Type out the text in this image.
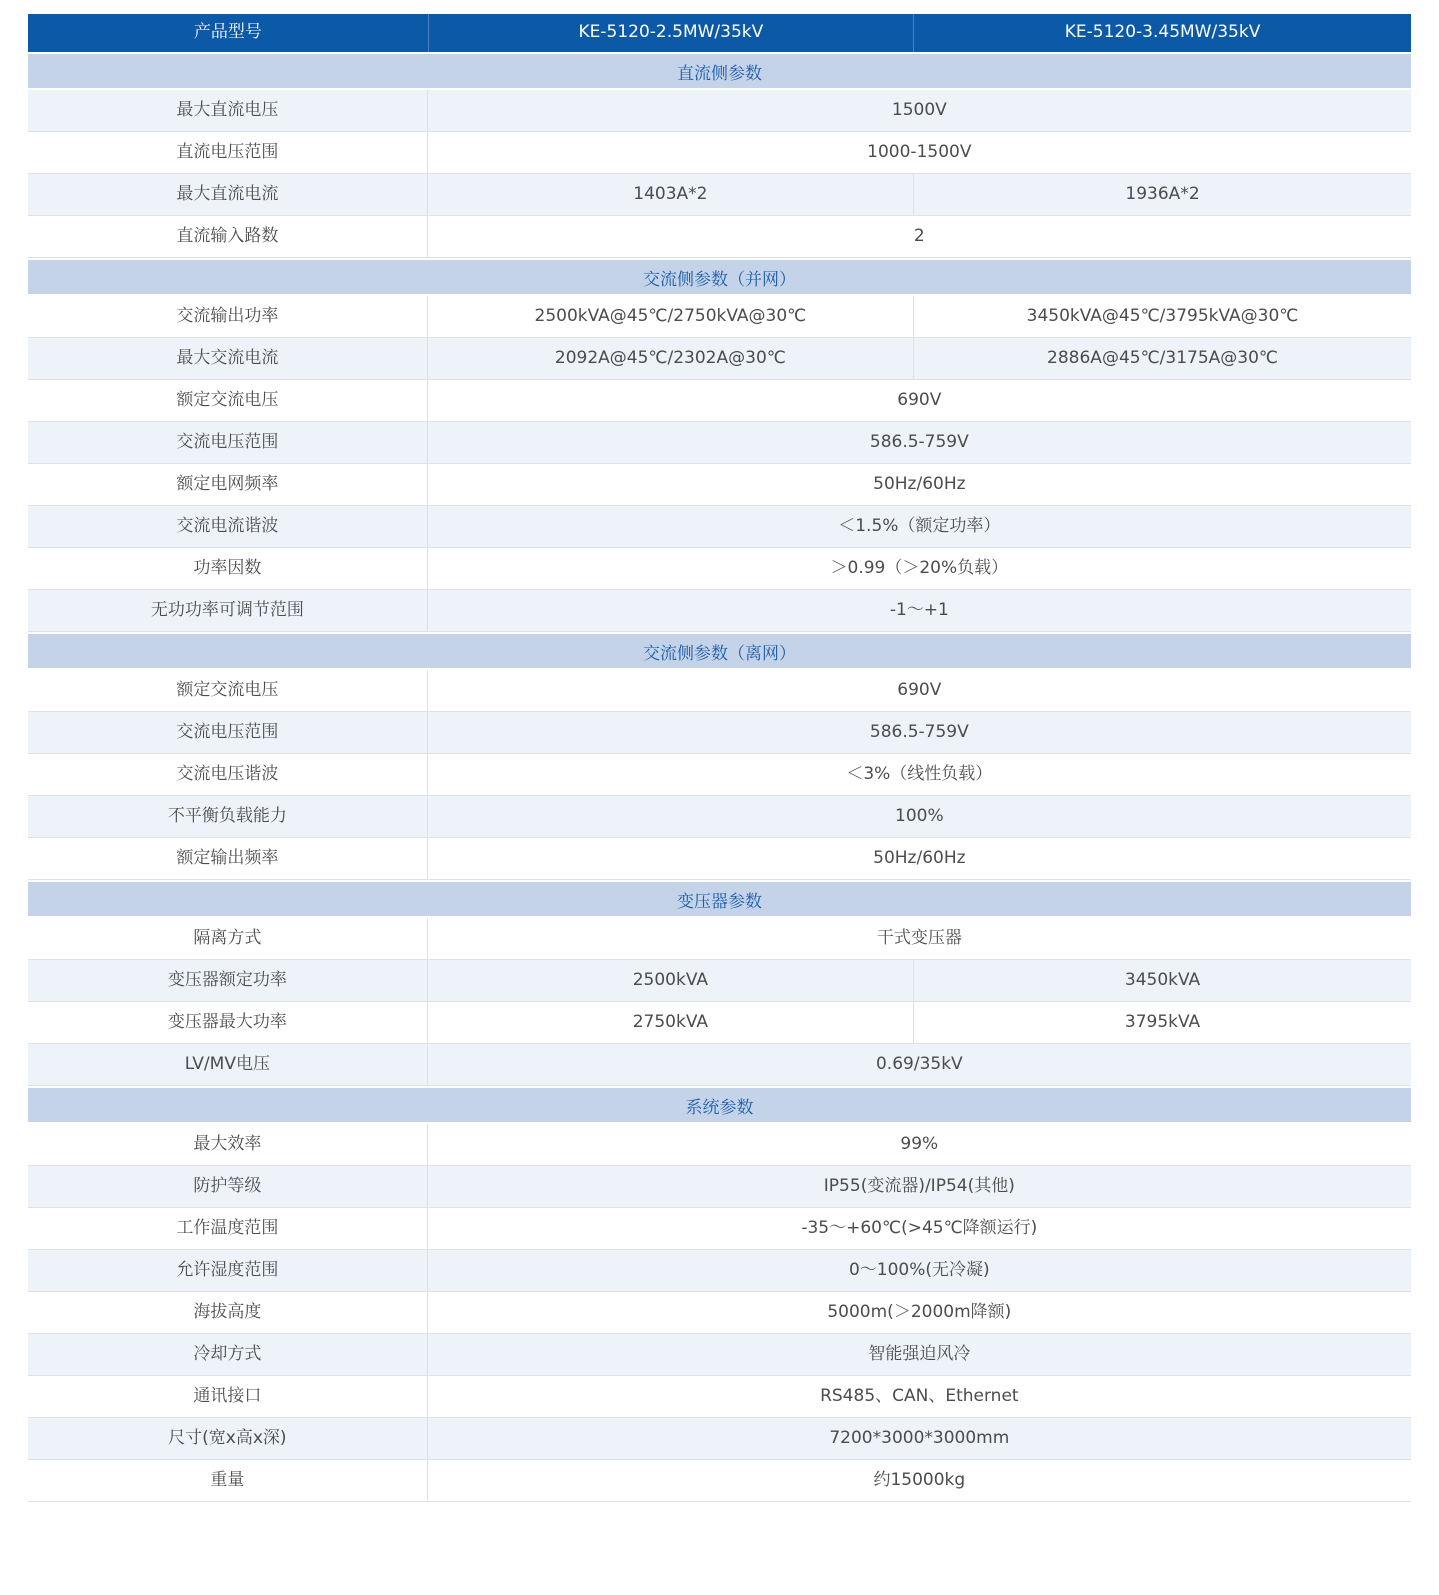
产品型号	KE-5120-2.5MW/35kV	KE-5120-3.45MW/35kV
直流侧参数
最大直流电压	1500V
直流电压范围	1000-1500V
最大直流电流	1403A*2	1936A*2
直流输入路数	2
交流侧参数（并网）
交流输出功率	2500kVA@45℃/2750kVA@30℃	3450kVA@45℃/3795kVA@30℃
最大交流电流	2092A@45℃/2302A@30℃	2886A@45℃/3175A@30℃
额定交流电压	690V
交流电压范围	586.5-759V
额定电网频率	50Hz/60Hz
交流电流谐波	＜1.5%（额定功率）
功率因数	＞0.99（＞20%负载）
无功功率可调节范围	-1～+1
交流侧参数（离网）
额定交流电压	690V
交流电压范围	586.5-759V
交流电压谐波	＜3%（线性负载）
不平衡负载能力	100%
额定输出频率	50Hz/60Hz
变压器参数
隔离方式	干式变压器
变压器额定功率	2500kVA	3450kVA
变压器最大功率	2750kVA	3795kVA
LV/MV电压	0.69/35kV
系统参数
最大效率	99%
防护等级	IP55(变流器)/IP54(其他)
工作温度范围	-35～+60℃(>45℃降额运行)
允许湿度范围	0～100%(无冷凝)
海拔高度	5000m(＞2000m降额)
冷却方式	智能强迫风冷
通讯接口	RS485、CAN、Ethernet
尺寸(宽x高x深)	7200*3000*3000mm
重量	约15000kg
